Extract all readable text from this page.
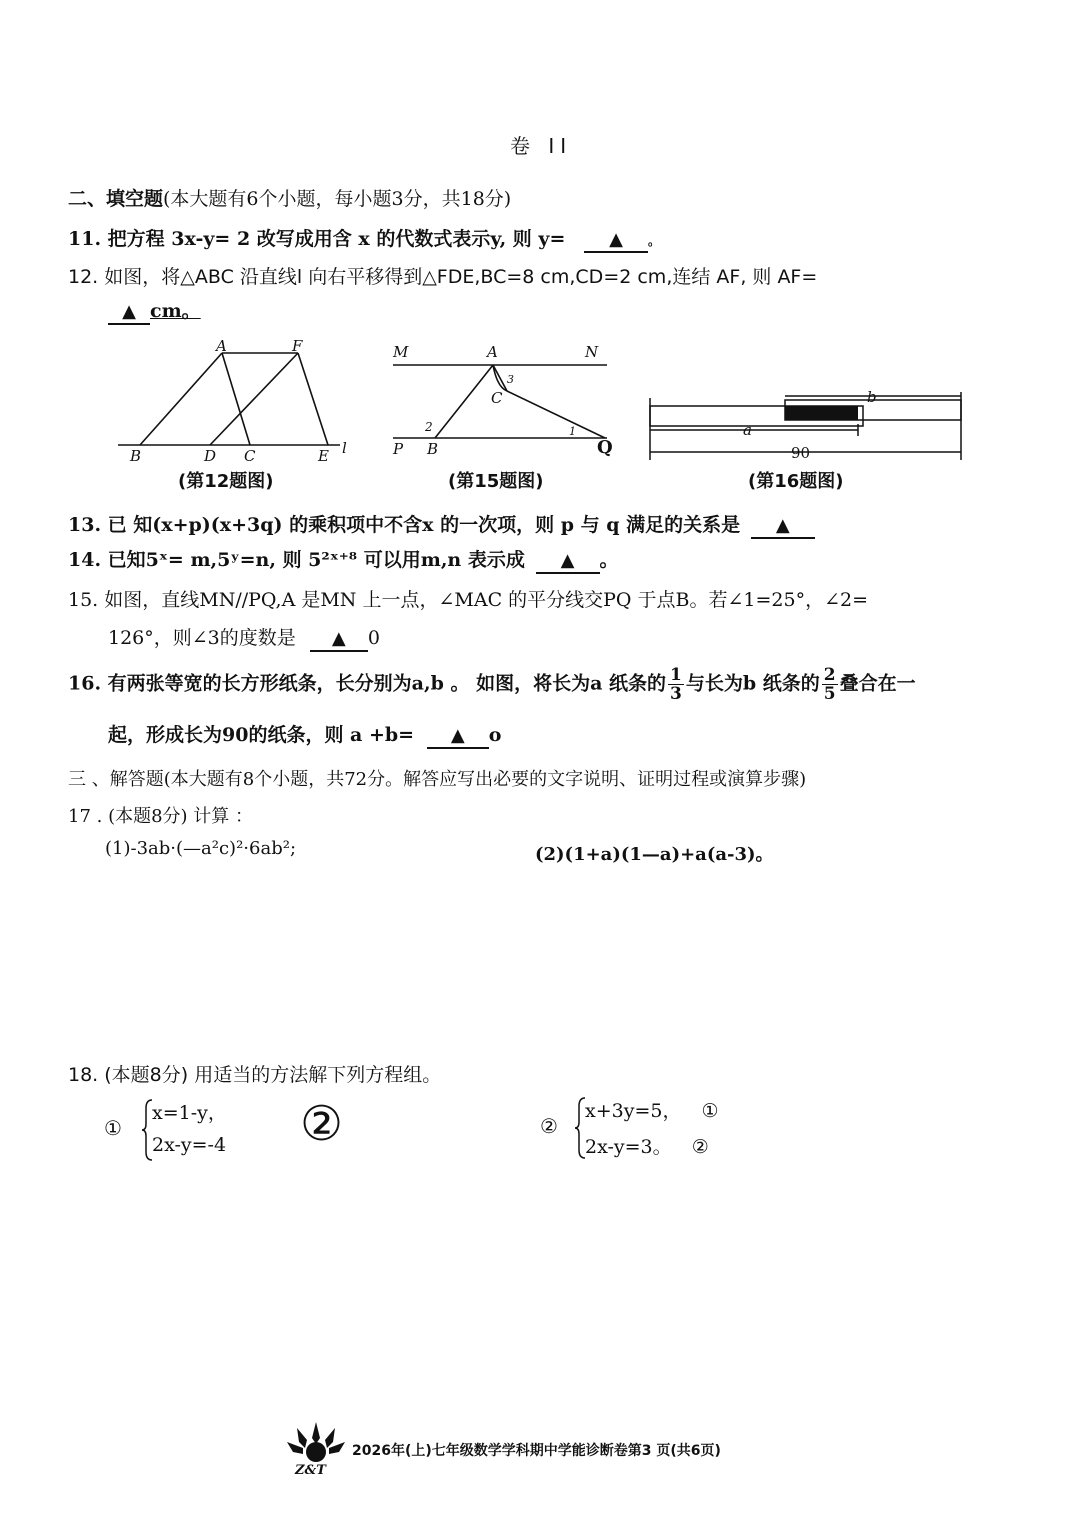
卷 II
二、填空题(本大题有6个小题，每小题3分，共18分)
11. 把方程 3x-y= 2 改写成用含 x 的代数式表示y, 则 y= ▲ 。
12. 如图，将△ABC 沿直线l 向右平移得到△FDE,BC=8 cm,CD=2 cm,连结 AF, 则 AF=
▲ cm。
A	F
B	D C	E l
(第12题图)
M	A	N
3
C
2	1
P B	Q
(第15题图)
b
a
90
(第16题图)
13. 已 知(x+p)(x+3q) 的乘积项中不含x 的一次项，则 p 与 q 满足的关系是 ▲
14. 已知5ˣ= m,5ʸ=n, 则 5²ˣ⁺⁸ 可以用m,n 表示成 ▲ 。
15. 如图，直线MN//PQ,A 是MN 上一点，∠MAC 的平分线交PQ 于点B。若∠1=25°，∠2=
126°，则∠3的度数是 ▲ 0
16. 有两张等宽的长方形纸条，长分别为a,b 。 如图，将长为a 纸条的 $\frac{1}{3}$ 与长为b 纸条的 $\frac{2}{5}$ 叠合在一
起，形成长为90的纸条，则 a +b= ▲ o
三 、解答题(本大题有8个小题，共72分。解答应写出必要的文字说明、证明过程或演算步骤)
17 . (本题8分) 计算 ：
(1)-3ab·(—a²c)²·6ab²;	(2)(1+a)(1—a)+a(a-3)。
18. (本题8分) 用适当的方法解下列方程组。
①
x=1-y，
2x-y=-4 ②	②
x+3y=5， ①
2x-y=3。 ②
Z&T
2026年(上)七年级数学学科期中学能诊断卷第3 页(共6页)
